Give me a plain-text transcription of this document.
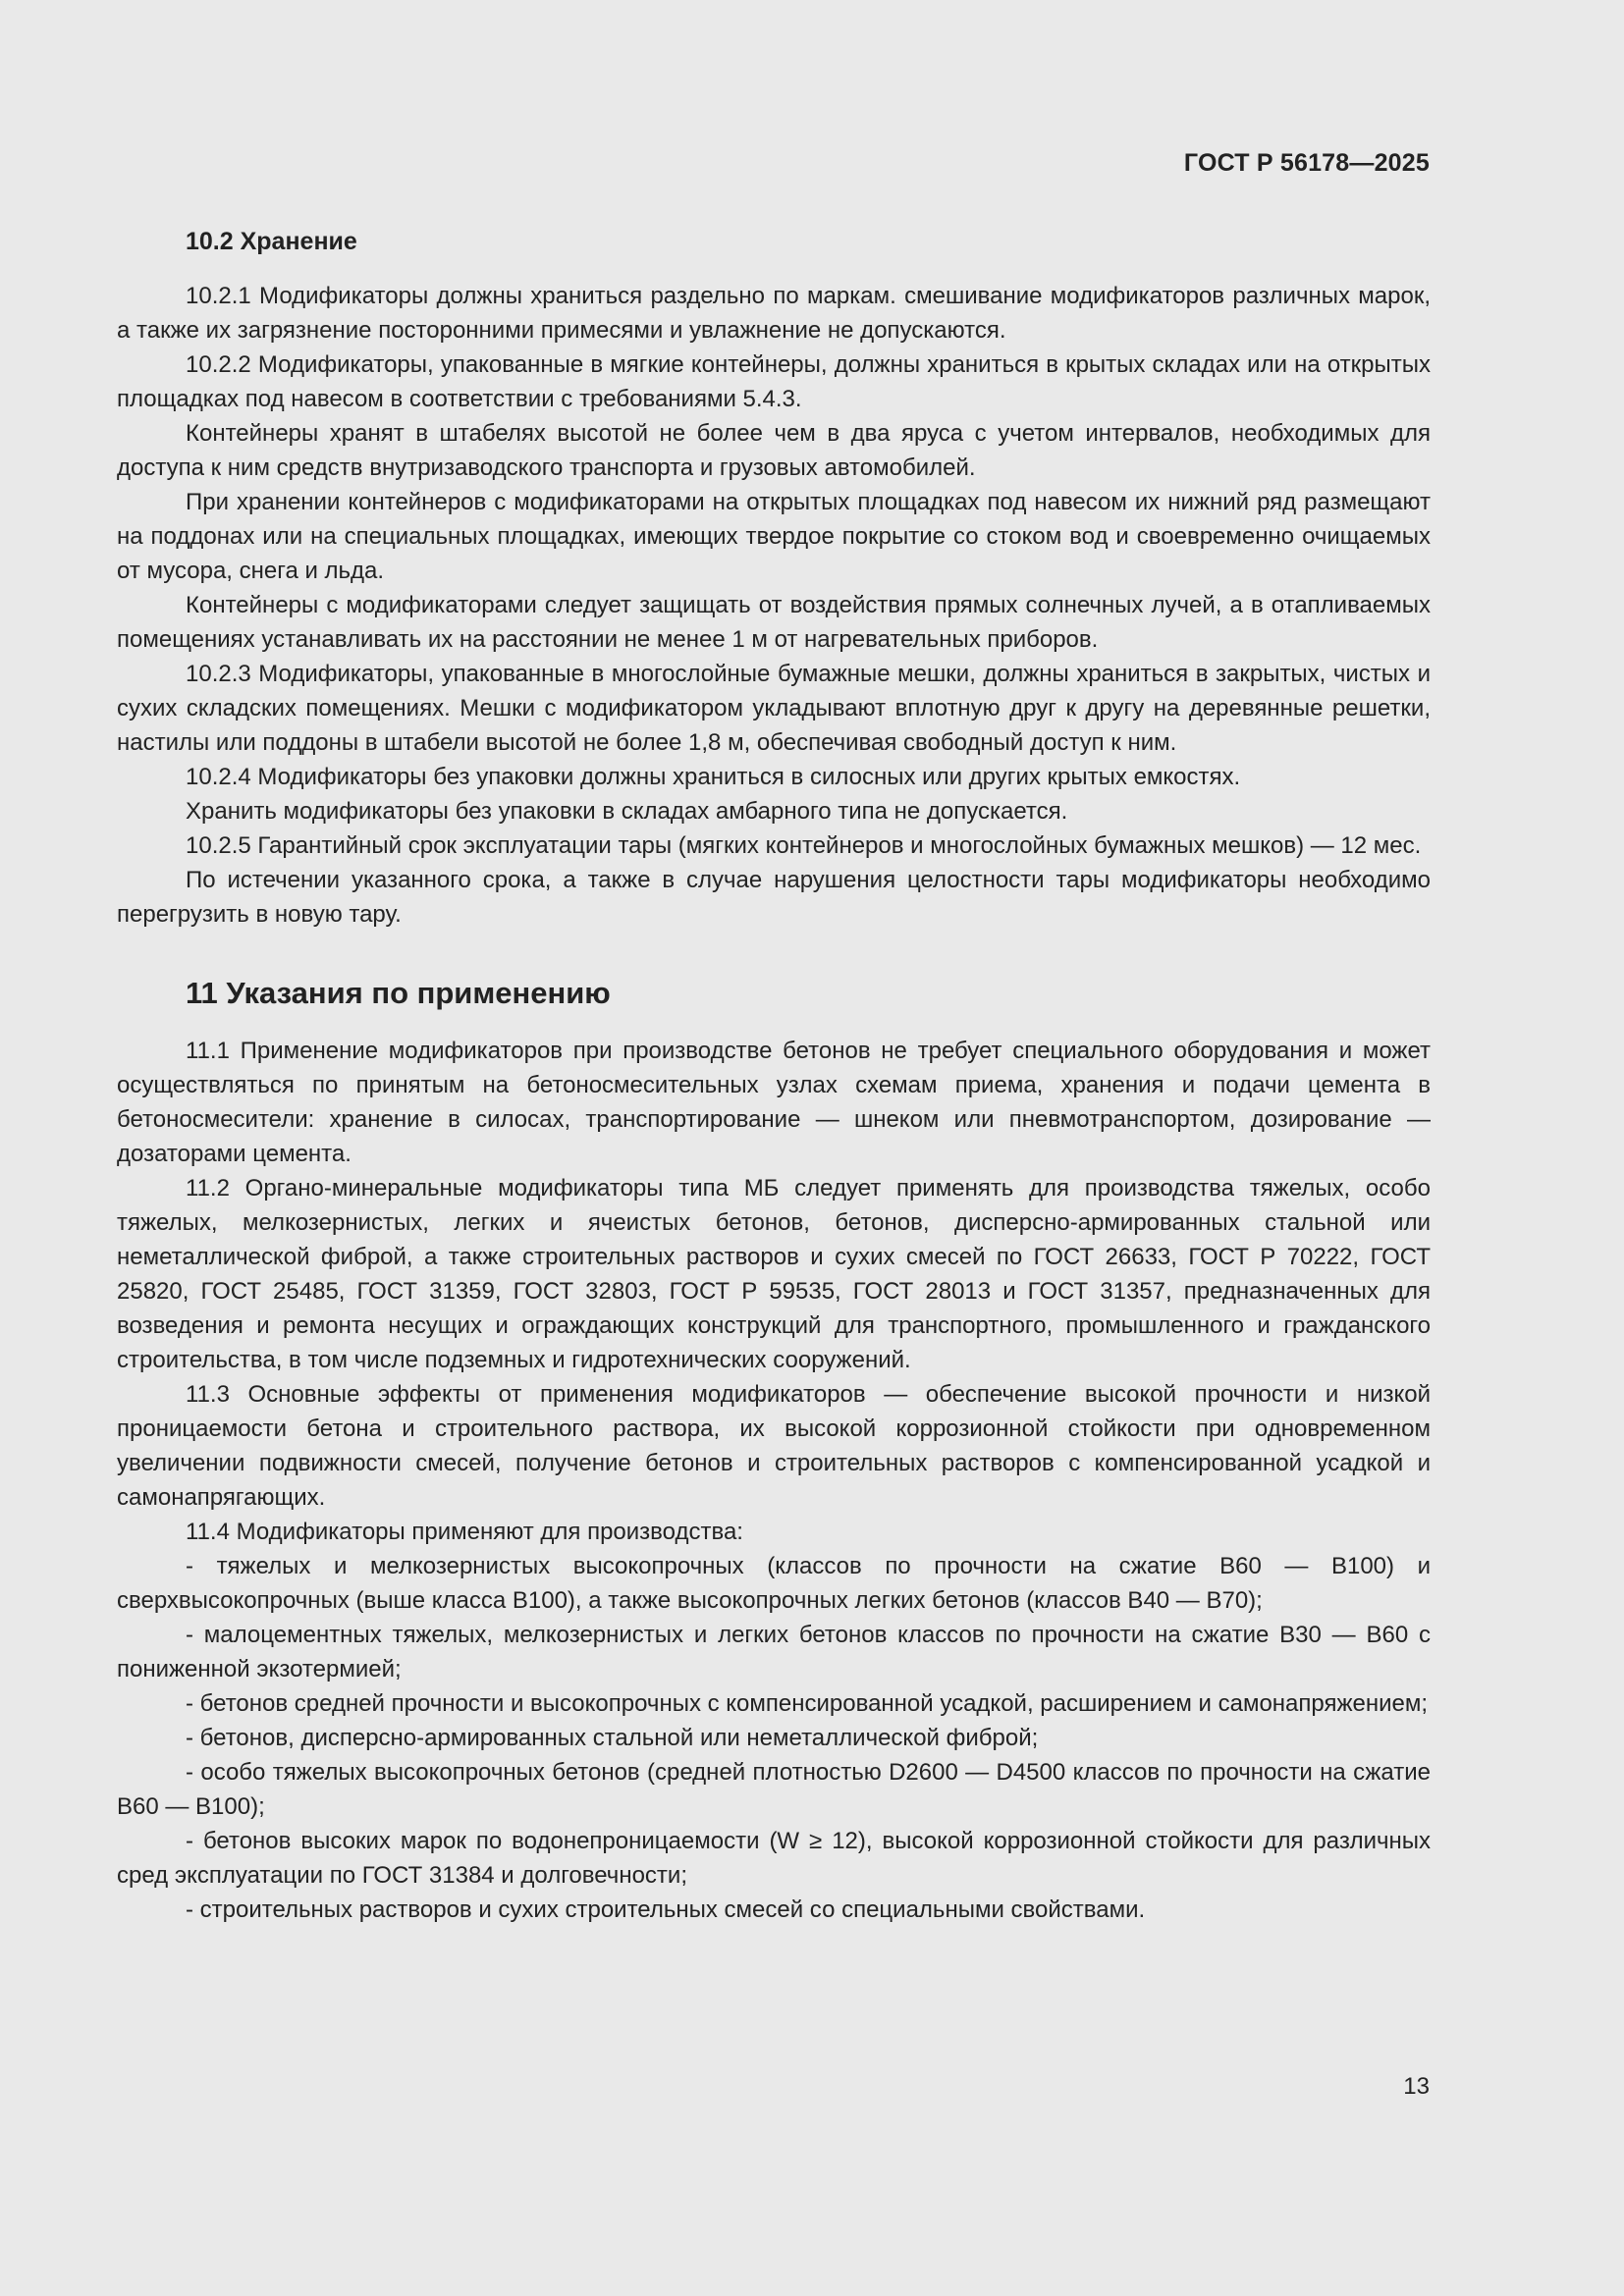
ГОСТ Р 56178—2025
10.2 Хранение

10.2.1 Модификаторы должны храниться раздельно по маркам. смешивание модификаторов различных марок, а также их загрязнение посторонними примесями и увлажнение не допускаются.

10.2.2 Модификаторы, упакованные в мягкие контейнеры, должны храниться в крытых складах или на открытых площадках под навесом в соответствии с требованиями 5.4.3.

Контейнеры хранят в штабелях высотой не более чем в два яруса с учетом интервалов, необходимых для доступа к ним средств внутризаводского транспорта и грузовых автомобилей.

При хранении контейнеров с модификаторами на открытых площадках под навесом их нижний ряд размещают на поддонах или на специальных площадках, имеющих твердое покрытие со стоком вод и своевременно очищаемых от мусора, снега и льда.

Контейнеры с модификаторами следует защищать от воздействия прямых солнечных лучей, а в отапливаемых помещениях устанавливать их на расстоянии не менее 1 м от нагревательных приборов.

10.2.3 Модификаторы, упакованные в многослойные бумажные мешки, должны храниться в закрытых, чистых и сухих складских помещениях. Мешки с модификатором укладывают вплотную друг к другу на деревянные решетки, настилы или поддоны в штабели высотой не более 1,8 м, обеспечивая свободный доступ к ним.

10.2.4 Модификаторы без упаковки должны храниться в силосных или других крытых емкостях.

Хранить модификаторы без упаковки в складах амбарного типа не допускается.

10.2.5 Гарантийный срок эксплуатации тары (мягких контейнеров и многослойных бумажных мешков) — 12 мес.

По истечении указанного срока, а также в случае нарушения целостности тары модификаторы необходимо перегрузить в новую тару.

11 Указания по применению

11.1 Применение модификаторов при производстве бетонов не требует специального оборудования и может осуществляться по принятым на бетоносмесительных узлах схемам приема, хранения и подачи цемента в бетоносмесители: хранение в силосах, транспортирование — шнеком или пневмотранспортом, дозирование — дозаторами цемента.

11.2 Органо-минеральные модификаторы типа МБ следует применять для производства тяжелых, особо тяжелых, мелкозернистых, легких и ячеистых бетонов, бетонов, дисперсно-армированных стальной или неметаллической фиброй, а также строительных растворов и сухих смесей по ГОСТ 26633, ГОСТ Р 70222, ГОСТ 25820, ГОСТ 25485, ГОСТ 31359, ГОСТ 32803, ГОСТ Р 59535, ГОСТ 28013 и ГОСТ 31357, предназначенных для возведения и ремонта несущих и ограждающих конструкций для транспортного, промышленного и гражданского строительства, в том числе подземных и гидротехнических сооружений.

11.3 Основные эффекты от применения модификаторов — обеспечение высокой прочности и низкой проницаемости бетона и строительного раствора, их высокой коррозионной стойкости при одновременном увеличении подвижности смесей, получение бетонов и строительных растворов с компенсированной усадкой и самонапрягающих.

11.4 Модификаторы применяют для производства:

- тяжелых и мелкозернистых высокопрочных (классов по прочности на сжатие В60 — В100) и сверхвысокопрочных (выше класса В100), а также высокопрочных легких бетонов (классов В40 — В70);

- малоцементных тяжелых, мелкозернистых и легких бетонов классов по прочности на сжатие В30 — В60 с пониженной экзотермией;

- бетонов средней прочности и высокопрочных с компенсированной усадкой, расширением и самонапряжением;

- бетонов, дисперсно-армированных стальной или неметаллической фиброй;

- особо тяжелых высокопрочных бетонов (средней плотностью D2600 — D4500 классов по прочности на сжатие В60 — В100);

- бетонов высоких марок по водонепроницаемости (W ≥ 12), высокой коррозионной стойкости для различных сред эксплуатации по ГОСТ 31384 и долговечности;

- строительных растворов и сухих строительных смесей со специальными свойствами.

13
